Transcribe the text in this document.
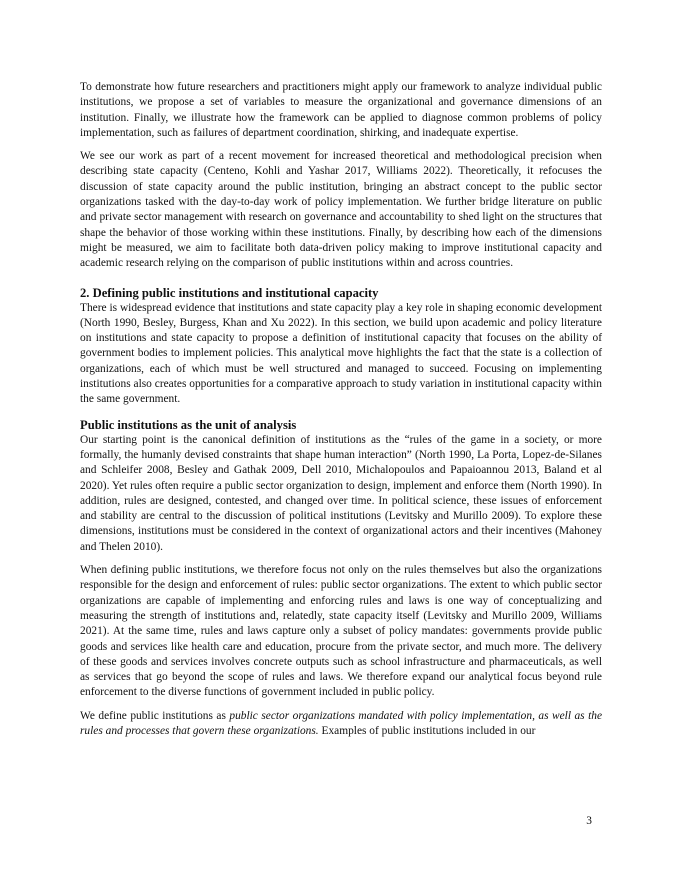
To demonstrate how future researchers and practitioners might apply our framework to analyze individual public institutions, we propose a set of variables to measure the organizational and governance dimensions of an institution. Finally, we illustrate how the framework can be applied to diagnose common problems of policy implementation, such as failures of department coordination, shirking, and inadequate expertise.

We see our work as part of a recent movement for increased theoretical and methodological precision when describing state capacity (Centeno, Kohli and Yashar 2017, Williams 2022). Theoretically, it refocuses the discussion of state capacity around the public institution, bringing an abstract concept to the public sector organizations tasked with the day-to-day work of policy implementation. We further bridge literature on public and private sector management with research on governance and accountability to shed light on the structures that shape the behavior of those working within these institutions. Finally, by describing how each of the dimensions might be measured, we aim to facilitate both data-driven policy making to improve institutional capacity and academic research relying on the comparison of public institutions within and across countries.

2. Defining public institutions and institutional capacity

There is widespread evidence that institutions and state capacity play a key role in shaping economic development (North 1990, Besley, Burgess, Khan and Xu 2022). In this section, we build upon academic and policy literature on institutions and state capacity to propose a definition of institutional capacity that focuses on the ability of government bodies to implement policies. This analytical move highlights the fact that the state is a collection of organizations, each of which must be well structured and managed to succeed. Focusing on implementing institutions also creates opportunities for a comparative approach to study variation in institutional capacity within the same government.

Public institutions as the unit of analysis

Our starting point is the canonical definition of institutions as the “rules of the game in a society, or more formally, the humanly devised constraints that shape human interaction” (North 1990, La Porta, Lopez-de-Silanes and Schleifer 2008, Besley and Gathak 2009, Dell 2010, Michalopoulos and Papaioannou 2013, Baland et al 2020). Yet rules often require a public sector organization to design, implement and enforce them (North 1990). In addition, rules are designed, contested, and changed over time. In political science, these issues of enforcement and stability are central to the discussion of political institutions (Levitsky and Murillo 2009). To explore these dimensions, institutions must be considered in the context of organizational actors and their incentives (Mahoney and Thelen 2010).

When defining public institutions, we therefore focus not only on the rules themselves but also the organizations responsible for the design and enforcement of rules: public sector organizations. The extent to which public sector organizations are capable of implementing and enforcing rules and laws is one way of conceptualizing and measuring the strength of institutions and, relatedly, state capacity itself (Levitsky and Murillo 2009, Williams 2021). At the same time, rules and laws capture only a subset of policy mandates: governments provide public goods and services like health care and education, procure from the private sector, and much more. The delivery of these goods and services involves concrete outputs such as school infrastructure and pharmaceuticals, as well as services that go beyond the scope of rules and laws. We therefore expand our analytical focus beyond rule enforcement to the diverse functions of government included in public policy.

We define public institutions as public sector organizations mandated with policy implementation, as well as the rules and processes that govern these organizations. Examples of public institutions included in our

3
